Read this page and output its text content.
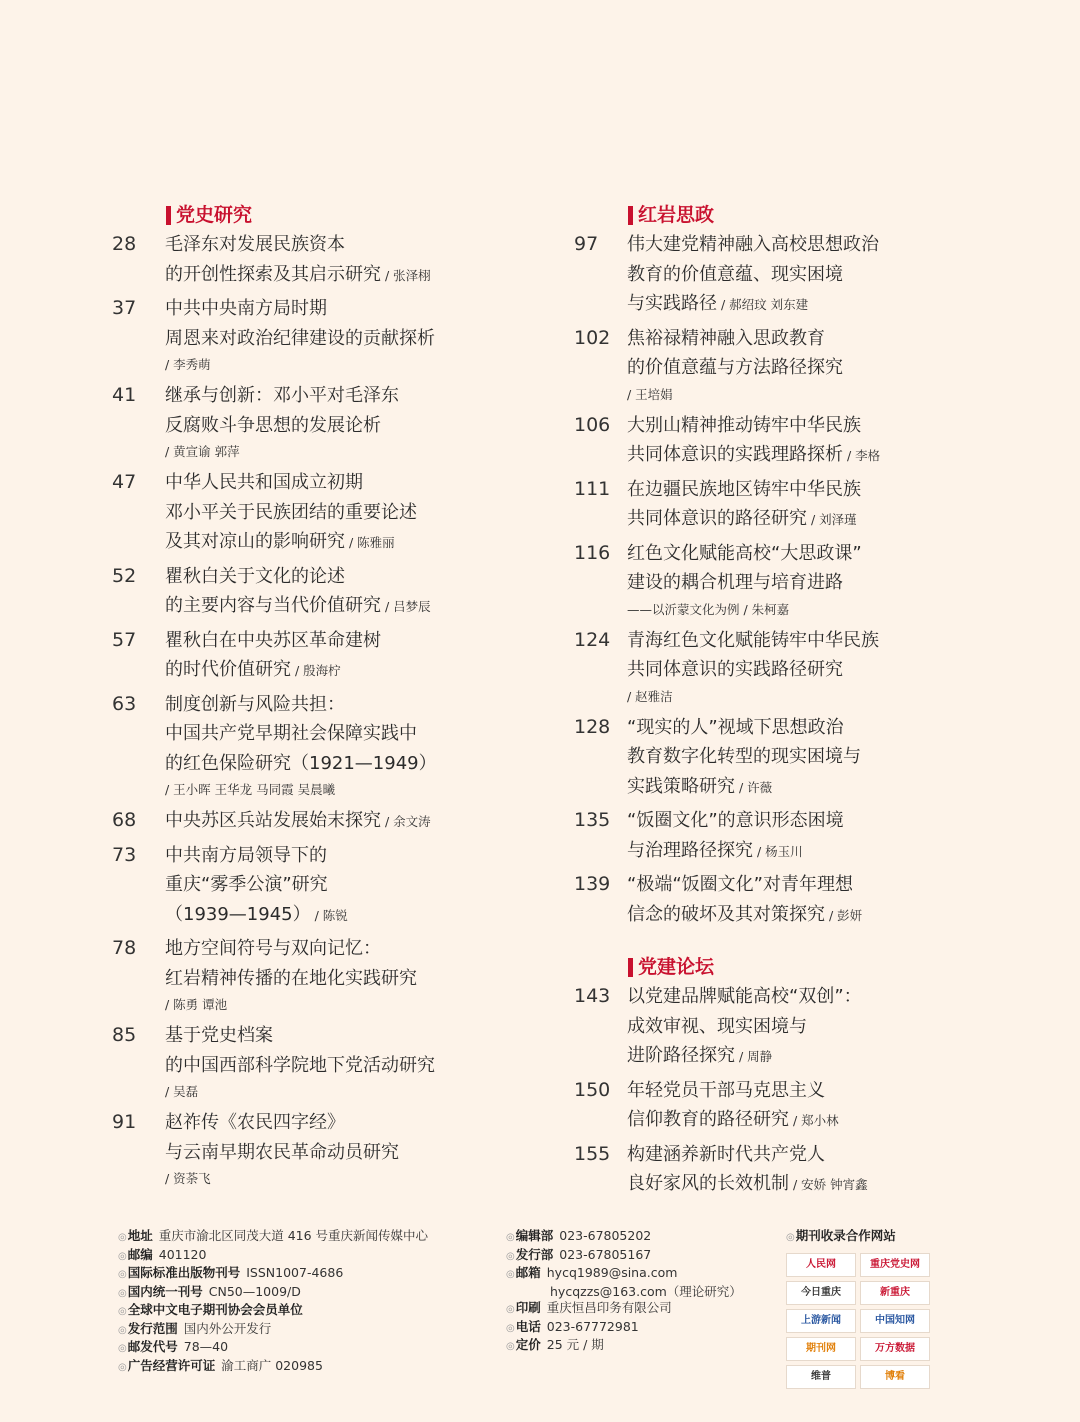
党史研究
28	毛泽东对发展民族资本
的开创性探索及其启示研究 / 张泽栩
37	中共中央南方局时期
周恩来对政治纪律建设的贡献探析
/ 李秀萌
41	继承与创新：邓小平对毛泽东
反腐败斗争思想的发展论析
/ 黄宣谕 郭萍
47	中华人民共和国成立初期
邓小平关于民族团结的重要论述
及其对凉山的影响研究 / 陈雅丽
52	瞿秋白关于文化的论述
的主要内容与当代价值研究 / 吕梦辰
57	瞿秋白在中央苏区革命建树
的时代价值研究 / 殷海柠
63	制度创新与风险共担：
中国共产党早期社会保障实践中
的红色保险研究（1921—1949）
/ 王小晖 王华龙 马同霞 吴晨曦
68	中央苏区兵站发展始末探究 / 余文涛
73	中共南方局领导下的
重庆“雾季公演”研究
（1939—1945） / 陈锐
78	地方空间符号与双向记忆：
红岩精神传播的在地化实践研究
/ 陈勇 谭池
85	基于党史档案
的中国西部科学院地下党活动研究
/ 吴磊
91	赵祚传《农民四字经》
与云南早期农民革命动员研究
/ 资荼飞
红岩思政
97	伟大建党精神融入高校思想政治
教育的价值意蕴、现实困境
与实践路径 / 郝绍玟 刘东建
102 焦裕禄精神融入思政教育
的价值意蕴与方法路径探究
/ 王培娟
106 大别山精神推动铸牢中华民族
共同体意识的实践理路探析 / 李格
111 在边疆民族地区铸牢中华民族
共同体意识的路径研究 / 刘泽瑾
116 红色文化赋能高校“大思政课”
建设的耦合机理与培育进路
——以沂蒙文化为例 / 朱柯嘉
124 青海红色文化赋能铸牢中华民族
共同体意识的实践路径研究
/ 赵雅洁
128 “现实的人”视域下思想政治
教育数字化转型的现实困境与
实践策略研究 / 许薇
135 “饭圈文化”的意识形态困境
与治理路径探究 / 杨玉川
139 “极端“饭圈文化”对青年理想
信念的破坏及其对策探究 / 彭妍
党建论坛
143 以党建品牌赋能高校“双创”：
成效审视、现实困境与
进阶路径探究 / 周静
150 年轻党员干部马克思主义
信仰教育的路径研究 / 郑小林
155 构建涵养新时代共产党人
良好家风的长效机制 / 安娇 钟宵鑫
◎地址 重庆市渝北区同茂大道 416 号重庆新闻传媒中心
◎邮编 401120
◎国际标准出版物刊号 ISSN1007-4686
◎国内统一刊号 CN50—1009/D
◎全球中文电子期刊协会会员单位
◎发行范围 国内外公开发行
◎邮发代号 78—40
◎广告经营许可证 渝工商广 020985
◎编辑部 023-67805202
◎发行部 023-67805167
◎邮箱 hycq1989@sina.com
hycqzzs@163.com（理论研究）
◎印刷 重庆恒昌印务有限公司
◎电话 023-67772981
◎定价 25 元 / 期
◎期刊收录合作网站
人民网	重庆党史网
今日重庆	新重庆
上游新闻	中国知网
期刊网	万方数据
维普	博看
